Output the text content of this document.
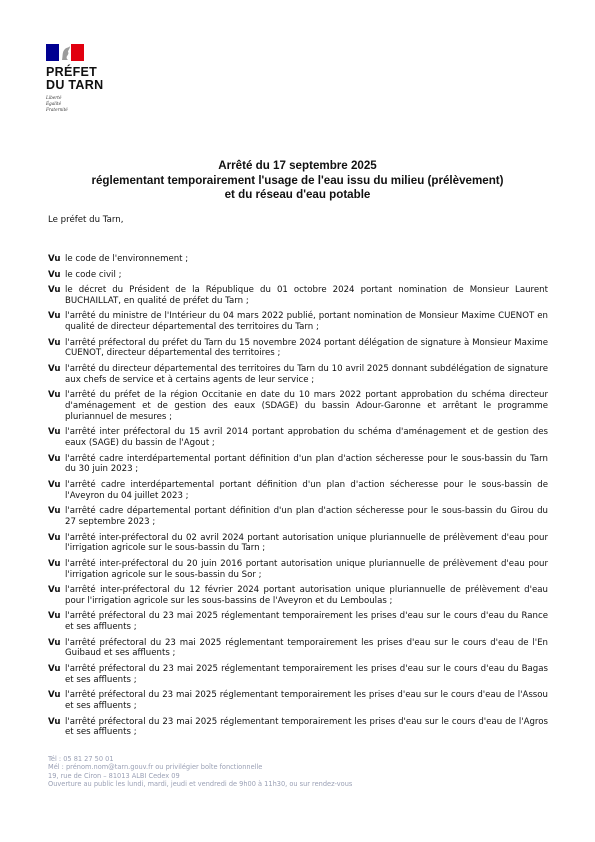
PRÉFET
DU TARN
Liberté
Égalité
Fraternité
Arrêté du 17 septembre 2025
réglementant temporairement l'usage de l'eau issu du milieu (prélèvement)
et du réseau d'eau potable
Le préfet du Tarn,
Vu le code de l'environnement ;
Vu le code civil ;
Vu le décret du Président de la République du 01 octobre 2024 portant nomination de Monsieur Laurent BUCHAILLAT, en qualité de préfet du Tarn ;
Vu l'arrêté du ministre de l'Intérieur du 04 mars 2022 publié, portant nomination de Monsieur Maxime CUENOT en qualité de directeur départemental des territoires du Tarn ;
Vu l'arrêté préfectoral du préfet du Tarn du 15 novembre 2024 portant délégation de signature à Monsieur Maxime CUENOT, directeur départemental des territoires ;
Vu l'arrêté du directeur départemental des territoires du Tarn du 10 avril 2025 donnant subdélégation de signature aux chefs de service et à certains agents de leur service ;
Vu l'arrêté du préfet de la région Occitanie en date du 10 mars 2022 portant approbation du schéma directeur d'aménagement et de gestion des eaux (SDAGE) du bassin Adour-Garonne et arrêtant le programme pluriannuel de mesures ;
Vu l'arrêté inter préfectoral du 15 avril 2014 portant approbation du schéma d'aménagement et de gestion des eaux (SAGE) du bassin de l'Agout ;
Vu l'arrêté cadre interdépartemental portant définition d'un plan d'action sécheresse pour le sous-bassin du Tarn du 30 juin 2023 ;
Vu l'arrêté cadre interdépartemental portant définition d'un plan d'action sécheresse pour le sous-bassin de l'Aveyron du 04 juillet 2023 ;
Vu l'arrêté cadre départemental portant définition d'un plan d'action sécheresse pour le sous-bassin du Girou du 27 septembre 2023 ;
Vu l'arrêté inter-préfectoral du 02 avril 2024 portant autorisation unique pluriannuelle de prélèvement d'eau pour l'irrigation agricole sur le sous-bassin du Tarn ;
Vu l'arrêté inter-préfectoral du 20 juin 2016 portant autorisation unique pluriannuelle de prélèvement d'eau pour l'irrigation agricole sur le sous-bassin du Sor ;
Vu l'arrêté inter-préfectoral du 12 février 2024 portant autorisation unique pluriannuelle de prélèvement d'eau pour l'irrigation agricole sur les sous-bassins de l'Aveyron et du Lemboulas ;
Vu l'arrêté préfectoral du 23 mai 2025 réglementant temporairement les prises d'eau sur le cours d'eau du Rance et ses affluents ;
Vu l'arrêté préfectoral du 23 mai 2025 réglementant temporairement les prises d'eau sur le cours d'eau de l'En Guibaud et ses affluents ;
Vu l'arrêté préfectoral du 23 mai 2025 réglementant temporairement les prises d'eau sur le cours d'eau du Bagas et ses affluents ;
Vu l'arrêté préfectoral du 23 mai 2025 réglementant temporairement les prises d'eau sur le cours d'eau de l'Assou et ses affluents ;
Vu l'arrêté préfectoral du 23 mai 2025 réglementant temporairement les prises d'eau sur le cours d'eau de l'Agros et ses affluents ;
Tél : 05 81 27 50 01
Mél : prénom.nom@tarn.gouv.fr ou privilégier boîte fonctionnelle
19, rue de Ciron – 81013 ALBI Cedex 09
Ouverture au public les lundi, mardi, jeudi et vendredi de 9h00 à 11h30, ou sur rendez-vous
